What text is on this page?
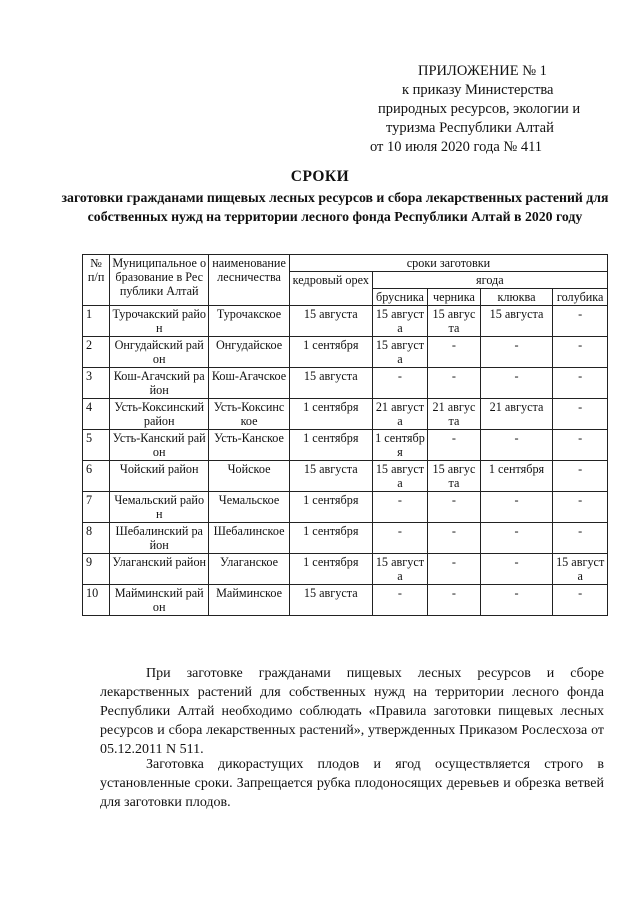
ПРИЛОЖЕНИЕ № 1
к приказу Министерства
природных ресурсов, экологии и
туризма Республики Алтай
от 10 июля 2020 года № 411
СРОКИ
заготовки гражданами пищевых лесных ресурсов и сбора лекарственных растений для собственных нужд на территории лесного фонда Республики Алтай в 2020 году
№ п/п	Муниципальное образование в Республики Алтай	наименование лесничества	сроки заготовки				
			кедровый орех	ягода			
				брусника	черника	клюква	голубика
1	Турочакский район	Турочакское	15 августа	15 августа	15 августа	15 августа	-
2	Онгудайский район	Онгудайское	1 сентября	15 августа	-	-	-
3	Кош-Агачский район	Кош-Агачское	15 августа	-	-	-	-
4	Усть-Коксинский район	Усть-Коксинское	1 сентября	21 августа	21 августа	21 августа	-
5	Усть-Канский район	Усть-Канское	1 сентября	1 сентября	-	-	-
6	Чойский район	Чойское	15 августа	15 августа	15 августа	1 сентября	-
7	Чемальский район	Чемальское	1 сентября	-	-	-	-
8	Шебалинский район	Шебалинское	1 сентября	-	-	-	-
9	Улаганский район	Улаганское	1 сентября	15 августа	-	-	15 августа
10	Майминский район	Майминское	15 августа	-	-	-	-
При заготовке гражданами пищевых лесных ресурсов и сборе лекарственных растений для собственных нужд на территории лесного фонда Республики Алтай необходимо соблюдать «Правила заготовки пищевых лесных ресурсов и сбора лекарственных растений», утвержденных Приказом Рослесхоза от 05.12.2011 N 511.
Заготовка дикорастущих плодов и ягод осуществляется строго в установленные сроки. Запрещается рубка плодоносящих деревьев и обрезка ветвей для заготовки плодов.
